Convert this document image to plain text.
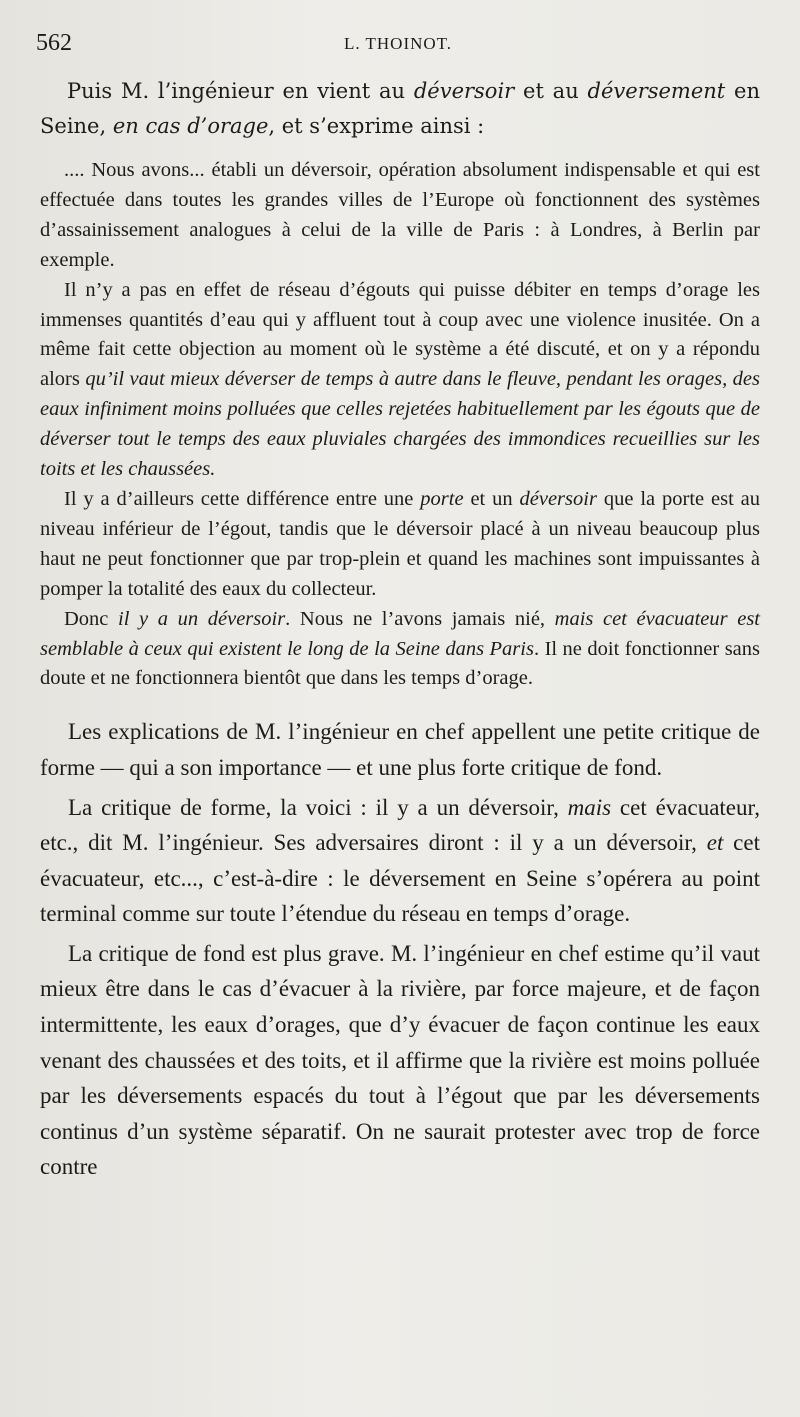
562	L. THOINOT.

Puis M. l’ingénieur en vient au déversoir et au déversement en Seine, en cas d’orage, et s’exprime ainsi :

.... Nous avons... établi un déversoir, opération absolument indispensable et qui est effectuée dans toutes les grandes villes de l’Europe où fonctionnent des systèmes d’assainissement analogues à celui de la ville de Paris : à Londres, à Berlin par exemple.

Il n’y a pas en effet de réseau d’égouts qui puisse débiter en temps d’orage les immenses quantités d’eau qui y affluent tout à coup avec une violence inusitée. On a même fait cette objection au moment où le système a été discuté, et on y a répondu alors qu’il vaut mieux déverser de temps à autre dans le fleuve, pendant les orages, des eaux infiniment moins polluées que celles rejetées habituellement par les égouts que de déverser tout le temps des eaux pluviales chargées des immondices recueillies sur les toits et les chaussées.

Il y a d’ailleurs cette différence entre une porte et un déversoir que la porte est au niveau inférieur de l’égout, tandis que le déversoir placé à un niveau beaucoup plus haut ne peut fonctionner que par trop-plein et quand les machines sont impuissantes à pomper la totalité des eaux du collecteur.

Donc il y a un déversoir. Nous ne l’avons jamais nié, mais cet évacuateur est semblable à ceux qui existent le long de la Seine dans Paris. Il ne doit fonctionner sans doute et ne fonctionnera bientôt que dans les temps d’orage.

Les explications de M. l’ingénieur en chef appellent une petite critique de forme — qui a son importance — et une plus forte critique de fond.

La critique de forme, la voici : il y a un déversoir, mais cet évacuateur, etc., dit M. l’ingénieur. Ses adversaires diront : il y a un déversoir, et cet évacuateur, etc..., c’est-à-dire : le déversement en Seine s’opérera au point terminal comme sur toute l’étendue du réseau en temps d’orage.

La critique de fond est plus grave. M. l’ingénieur en chef estime qu’il vaut mieux être dans le cas d’évacuer à la rivière, par force majeure, et de façon intermittente, les eaux d’orages, que d’y évacuer de façon continue les eaux venant des chaussées et des toits, et il affirme que la rivière est moins polluée par les déversements espacés du tout à l’égout que par les déversements continus d’un système séparatif. On ne saurait protester avec trop de force contre
